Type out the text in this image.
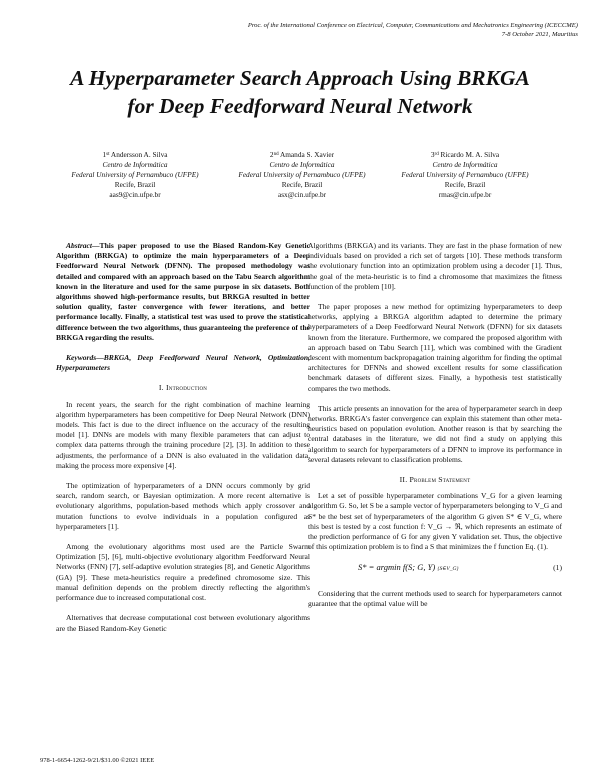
Proc. of the International Conference on Electrical, Computer, Communications and Mechatronics Engineering (ICECCME)
7-8 October 2021, Mauritius
A Hyperparameter Search Approach Using BRKGA
for Deep Feedforward Neural Network
1st Andersson A. Silva
Centro de Informática
Federal University of Pernambuco (UFPE)
Recife, Brazil
aas9@cin.ufpe.br
2nd Amanda S. Xavier
Centro de Informática
Federal University of Pernambuco (UFPE)
Recife, Brazil
asx@cin.ufpe.br
3rd Ricardo M. A. Silva
Centro de Informática
Federal University of Pernambuco (UFPE)
Recife, Brazil
rmas@cin.ufpe.br

Abstract—This paper proposed to use the Biased Random-Key Genetic Algorithm (BRKGA) to optimize the main hyperparameters of a Deep Feedforward Neural Network (DFNN). The proposed methodology was detailed and compared with an approach based on the Tabu Search algorithm known in the literature and used for the same purpose in six datasets. Both algorithms showed high-performance results, but BRKGA resulted in better solution quality, faster convergence with fewer iterations, and better performance locally. Finally, a statistical test was used to prove the statistical difference between the two algorithms, thus guaranteeing the preference of the BRKGA regarding the results.

Keywords—BRKGA, Deep Feedforward Neural Network, Optimization, Hyperparameters

I. Introduction

In recent years, the search for the right combination of machine learning algorithm hyperparameters has been competitive for Deep Neural Network (DNN) models. This fact is due to the direct influence on the accuracy of the resulting model [1]. DNNs are models with many flexible parameters that can adjust to complex data patterns through the training procedure [2], [3]. In addition to these adjustments, the performance of a DNN is also evaluated in the validation data, making the process more expensive [4].

The optimization of hyperparameters of a DNN occurs commonly by grid search, random search, or Bayesian optimization. A more recent alternative is evolutionary algorithms, population-based methods which apply crossover and mutation functions to evolve individuals in a population configured as hyperparameters [1].

Among the evolutionary algorithms most used are the Particle Swarm Optimization [5], [6], multi-objective evolutionary algorithm Feedforward Neural Networks (FNN) [7], self-adaptive evolution strategies [8], and Genetic Algorithms (GA) [9]. These meta-heuristics require a predefined chromosome size. This manual definition depends on the problem directly reflecting the algorithm's performance due to increased computational cost.

Alternatives that decrease computational cost between evolutionary algorithms are the Biased Random-Key Genetic

Algorithms (BRKGA) and its variants. They are fast in the phase formation of new individuals based on provided a rich set of targets [10]. These methods transform the evolutionary function into an optimization problem using a decoder [1]. Thus, the goal of the meta-heuristic is to find a chromosome that maximizes the fitness function of the problem [10].

The paper proposes a new method for optimizing hyperparameters to deep networks, applying a BRKGA algorithm adapted to determine the primary hyperparameters of a Deep Feedforward Neural Network (DFNN) for six datasets known from the literature. Furthermore, we compared the proposed algorithm with an approach based on Tabu Search [11], which was combined with the Gradient descent with momentum backpropagation training algorithm for finding the optimal architectures for DFNNs and showed excellent results for some classification benchmark datasets of different sizes. Finally, a hypothesis test statistically compares the two methods.

This article presents an innovation for the area of hyperparameter search in deep networks. BRKGA's faster convergence can explain this statement than other meta-heuristics based on population evolution. Another reason is that by searching the central databases in the literature, we did not find a study on applying this algorithm to search for hyperparameters of a DFNN to improve its performance in several datasets relevant to classification problems.

II. Problem Statement

Let a set of possible hyperparameter combinations V_G for a given learning algorithm G. So, let S be a sample vector of hyperparameters belonging to V_G and S* be the best set of hyperparameters of the algorithm G given S* ∈ V_G, where this best is tested by a cost function f: V_G → ℜ, which represents an estimate of the prediction performance of G for any given Y validation set. Thus, the objective of this optimization problem is to find a S that minimizes the f function Eq. (1).

S* = argmin f(S; G, Y) {S∈V_G}	(1)

Considering that the current methods used to search for hyperparameters cannot guarantee that the optimal value will be

978-1-6654-1262-9/21/$31.00 ©2021 IEEE
